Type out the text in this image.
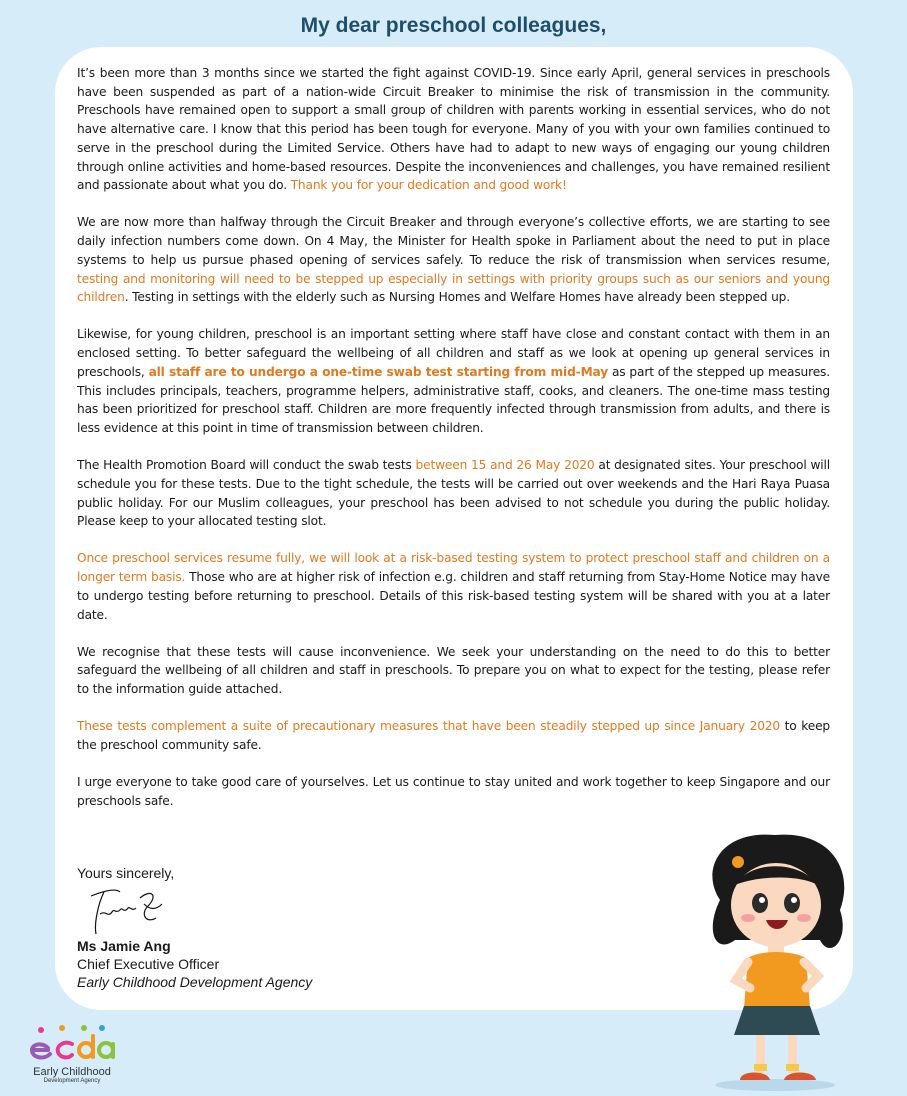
My dear preschool colleagues,

It’s been more than 3 months since we started the fight against COVID-19. Since early April, general services in preschools have been suspended as part of a nation-wide Circuit Breaker to minimise the risk of transmission in the community. Preschools have remained open to support a small group of children with parents working in essential services, who do not have alternative care. I know that this period has been tough for everyone. Many of you with your own families continued to serve in the preschool during the Limited Service. Others have had to adapt to new ways of engaging our young children through online activities and home-based resources. Despite the inconveniences and challenges, you have remained resilient and passionate about what you do. Thank you for your dedication and good work!

We are now more than halfway through the Circuit Breaker and through everyone’s collective efforts, we are starting to see daily infection numbers come down. On 4 May, the Minister for Health spoke in Parliament about the need to put in place systems to help us pursue phased opening of services safely. To reduce the risk of transmission when services resume, testing and monitoring will need to be stepped up especially in settings with priority groups such as our seniors and young children. Testing in settings with the elderly such as Nursing Homes and Welfare Homes have already been stepped up.

Likewise, for young children, preschool is an important setting where staff have close and constant contact with them in an enclosed setting. To better safeguard the wellbeing of all children and staff as we look at opening up general services in preschools, all staff are to undergo a one-time swab test starting from mid-May as part of the stepped up measures. This includes principals, teachers, programme helpers, administrative staff, cooks, and cleaners. The one-time mass testing has been prioritized for preschool staff. Children are more frequently infected through transmission from adults, and there is less evidence at this point in time of transmission between children.

The Health Promotion Board will conduct the swab tests between 15 and 26 May 2020 at designated sites. Your preschool will schedule you for these tests. Due to the tight schedule, the tests will be carried out over weekends and the Hari Raya Puasa public holiday. For our Muslim colleagues, your preschool has been advised to not schedule you during the public holiday. Please keep to your allocated testing slot.

Once preschool services resume fully, we will look at a risk-based testing system to protect preschool staff and children on a longer term basis. Those who are at higher risk of infection e.g. children and staff returning from Stay-Home Notice may have to undergo testing before returning to preschool. Details of this risk-based testing system will be shared with you at a later date.

We recognise that these tests will cause inconvenience. We seek your understanding on the need to do this to better safeguard the wellbeing of all children and staff in preschools. To prepare you on what to expect for the testing, please refer to the information guide attached.

These tests complement a suite of precautionary measures that have been steadily stepped up since January 2020 to keep the preschool community safe.

I urge everyone to take good care of yourselves. Let us continue to stay united and work together to keep Singapore and our preschools safe.

Yours sincerely,
Ms Jamie Ang
Chief Executive Officer
Early Childhood Development Agency
Early Childhood
Development Agency
